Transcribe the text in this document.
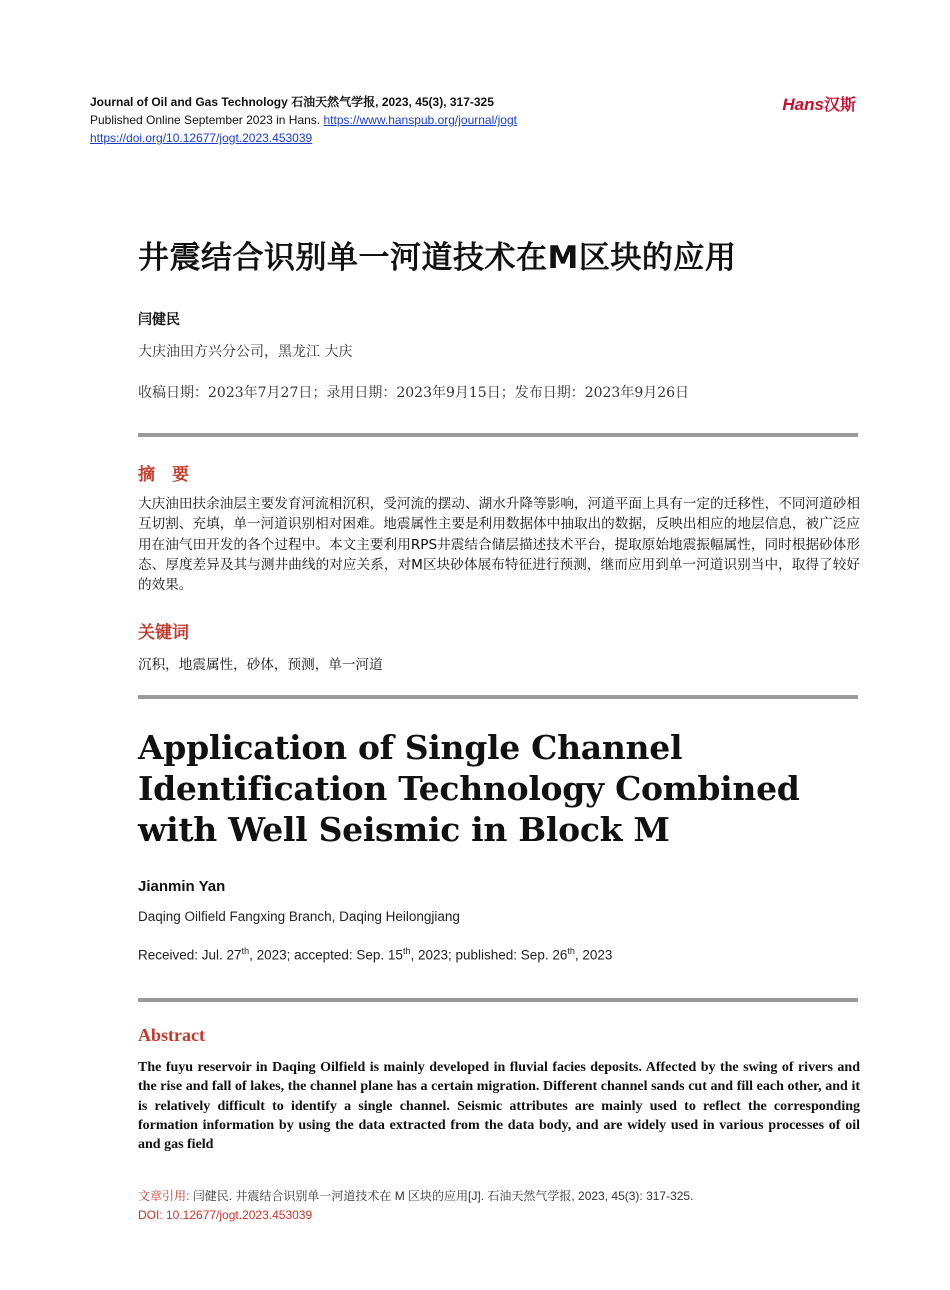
Journal of Oil and Gas Technology 石油天然气学报, 2023, 45(3), 317-325
Published Online September 2023 in Hans. https://www.hanspub.org/journal/jogt
https://doi.org/10.12677/jogt.2023.453039
Hans汉斯
井震结合识别单一河道技术在M区块的应用
闫健民
大庆油田方兴分公司，黑龙江 大庆
收稿日期：2023年7月27日；录用日期：2023年9月15日；发布日期：2023年9月26日
摘　要
大庆油田扶余油层主要发育河流相沉积，受河流的摆动、湖水升降等影响，河道平面上具有一定的迁移性，不同河道砂相互切割、充填，单一河道识别相对困难。地震属性主要是利用数据体中抽取出的数据，反映出相应的地层信息，被广泛应用在油气田开发的各个过程中。本文主要利用RPS井震结合储层描述技术平台，提取原始地震振幅属性，同时根据砂体形态、厚度差异及其与测井曲线的对应关系，对M区块砂体展布特征进行预测，继而应用到单一河道识别当中，取得了较好的效果。
关键词
沉积，地震属性，砂体，预测，单一河道
Application of Single Channel Identification Technology Combined with Well Seismic in Block M
Jianmin Yan
Daqing Oilfield Fangxing Branch, Daqing Heilongjiang
Received: Jul. 27th, 2023; accepted: Sep. 15th, 2023; published: Sep. 26th, 2023
Abstract
The fuyu reservoir in Daqing Oilfield is mainly developed in fluvial facies deposits. Affected by the swing of rivers and the rise and fall of lakes, the channel plane has a certain migration. Different channel sands cut and fill each other, and it is relatively difficult to identify a single channel. Seismic attributes are mainly used to reflect the corresponding formation information by using the data extracted from the data body, and are widely used in various processes of oil and gas field
文章引用: 闫健民. 井震结合识别单一河道技术在 M 区块的应用[J]. 石油天然气学报, 2023, 45(3): 317-325.
DOI: 10.12677/jogt.2023.453039
